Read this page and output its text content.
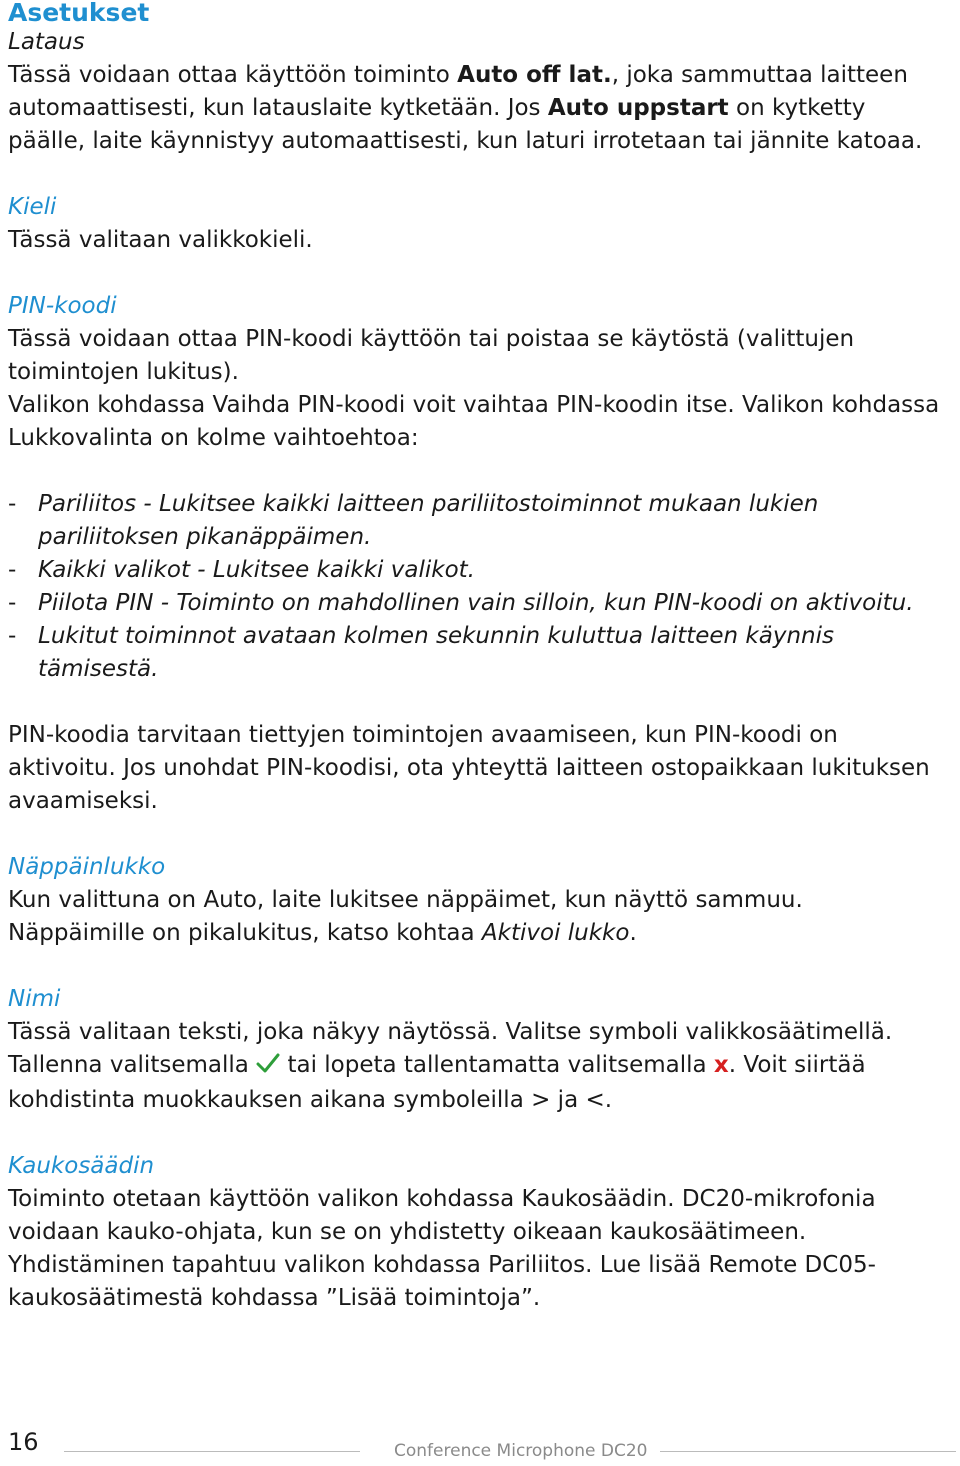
Asetukset
Lataus

Tässä voidaan ottaa käyttöön toiminto Auto off lat., joka sammuttaa laitteen automaattisesti, kun latauslaite kytketään. Jos Auto uppstart on kytketty päälle, laite käynnistyy automaattisesti, kun laturi irrotetaan tai jännite katoaa.

Kieli

Tässä valitaan valikkokieli.

PIN-koodi

Tässä voidaan ottaa PIN-koodi käyttöön tai poistaa se käytöstä (valittujen toimintojen lukitus).

Valikon kohdassa Vaihda PIN-koodi voit vaihtaa PIN-koodin itse. Valikon kohdassa Lukkovalinta on kolme vaihtoehtoa:

- Pariliitos - Lukitsee kaikki laitteen pariliitostoiminnot mukaan lukien pariliitoksen pikanäppäimen.
- Kaikki valikot - Lukitsee kaikki valikot.
- Piilota PIN - Toiminto on mahdollinen vain silloin, kun PIN-koodi on aktivoitu.
- Lukitut toiminnot avataan kolmen sekunnin kuluttua laitteen käynnis tämisestä.

PIN-koodia tarvitaan tiettyjen toimintojen avaamiseen, kun PIN-koodi on aktivoitu. Jos unohdat PIN-koodisi, ota yhteyttä laitteen ostopaikkaan lukituksen avaamiseksi.

Näppäinlukko

Kun valittuna on Auto, laite lukitsee näppäimet, kun näyttö sammuu.

Näppäimille on pikalukitus, katso kohtaa Aktivoi lukko.

Nimi

Tässä valitaan teksti, joka näkyy näytössä. Valitse symboli valikkosäätimellä.

Tallenna valitsemalla  tai lopeta tallentamatta valitsemalla x. Voit siirtää kohdistinta muokkauksen aikana symboleilla > ja <.

Kaukosäädin

Toiminto otetaan käyttöön valikon kohdassa Kaukosäädin. DC20-mikrofonia voidaan kauko-ohjata, kun se on yhdistetty oikeaan kaukosäätimeen.

Yhdistäminen tapahtuu valikon kohdassa Pariliitos. Lue lisää Remote DC05-kaukosäätimestä kohdassa ”Lisää toimintoja”.

16	Conference Microphone DC20
